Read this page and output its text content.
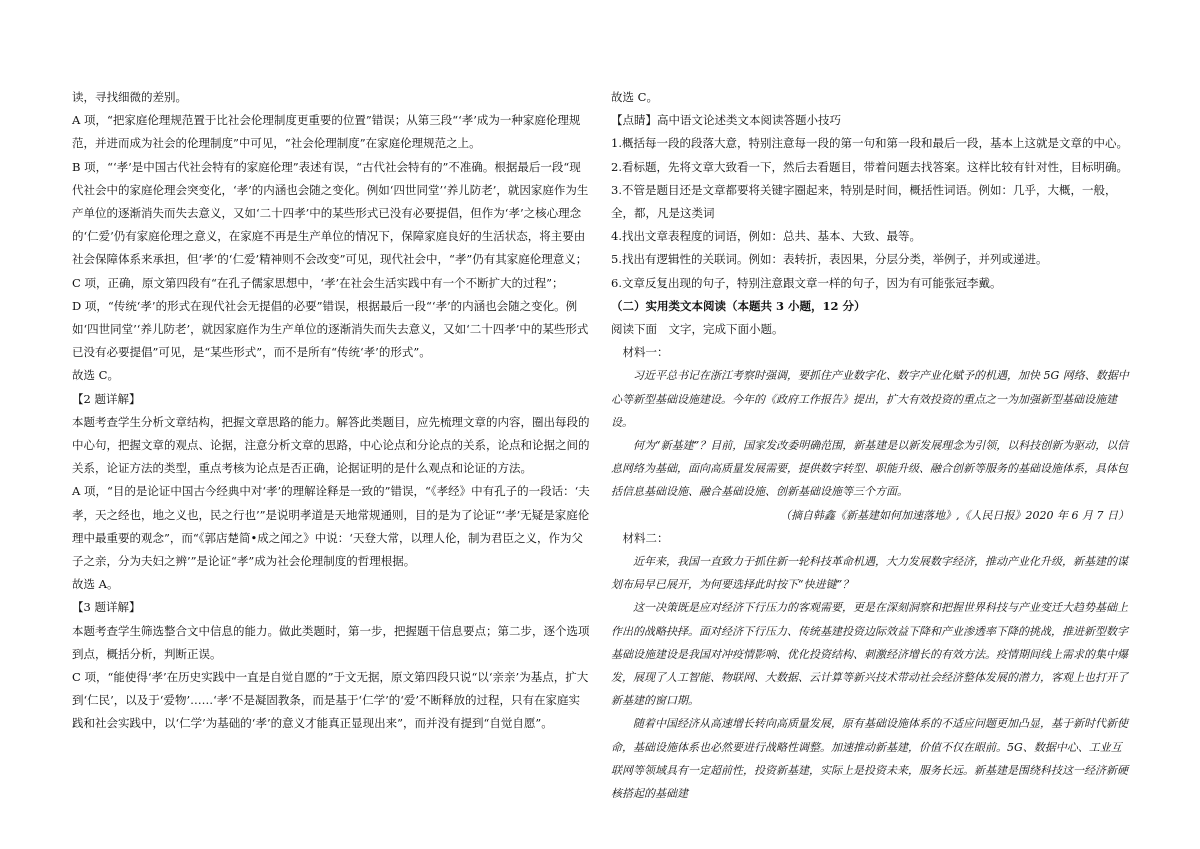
读，寻找细微的差别。

A 项，“把家庭伦理规范置于比社会伦理制度更重要的位置”错误；从第三段“‘孝’成为一种家庭伦理规范，并进而成为社会的伦理制度”中可见，“社会伦理制度”在家庭伦理规范之上。

B 项，“‘孝’是中国古代社会特有的家庭伦理”表述有误，“古代社会特有的”不准确。根据最后一段“现代社会中的家庭伦理会突变化，‘孝’的内涵也会随之变化。例如‘四世同堂’‘养儿防老’，就因家庭作为生产单位的逐渐消失而失去意义，又如‘二十四孝’中的某些形式已没有必要提倡，但作为‘孝’之核心理念的‘仁爱’仍有家庭伦理之意义，在家庭不再是生产单位的情况下，保障家庭良好的生活状态，将主要由社会保障体系来承担，但‘孝’的‘仁爱’精神则不会改变”可见，现代社会中，“孝”仍有其家庭伦理意义；

C 项，正确，原文第四段有“在孔子儒家思想中，‘孝’在社会生活实践中有一个不断扩大的过程”；

D 项，“传统‘孝’的形式在现代社会无提倡的必要”错误，根据最后一段“‘孝’的内涵也会随之变化。例如‘四世同堂’‘养儿防老’，就因家庭作为生产单位的逐渐消失而失去意义，又如‘二十四孝’中的某些形式已没有必要提倡”可见，是“某些形式”，而不是所有“传统‘孝’的形式”。

故选 C。

【2 题详解】

本题考查学生分析文章结构，把握文章思路的能力。解答此类题目，应先梳理文章的内容，圈出每段的中心句，把握文章的观点、论据，注意分析文章的思路，中心论点和分论点的关系，论点和论据之间的关系，论证方法的类型，重点考核为论点是否正确，论据证明的是什么观点和论证的方法。

A 项，“目的是论证中国古今经典中对‘孝’的理解诠释是一致的”错误，“《孝经》中有孔子的一段话：‘夫孝，天之经也，地之义也，民之行也’”是说明孝道是天地常规通则，目的是为了论证“‘孝’无疑是家庭伦理中最重要的观念”，而“《郭店楚简•成之闻之》中说：‘天登大常，以理人伦，制为君臣之义，作为父子之亲，分为夫妇之辨’”是论证“孝”成为社会伦理制度的哲理根据。

故选 A。

【3 题详解】

本题考查学生筛选整合文中信息的能力。做此类题时，第一步，把握题干信息要点；第二步，逐个选项到点，概括分析，判断正误。

C 项，“能使得‘孝’在历史实践中一直是自觉自愿的”于文无据，原文第四段只说“以‘亲亲’为基点，扩大到‘仁民’，以及于‘爱物’……‘孝’不是凝固教条，而是基于‘仁学’的‘爱’不断释放的过程，只有在家庭实践和社会实践中，以‘仁学’为基础的‘孝’的意义才能真正显现出来”，而并没有提到“自觉自愿”。

故选 C。

【点睛】高中语文论述类文本阅读答题小技巧

1.概括每一段的段落大意，特别注意每一段的第一句和第一段和最后一段，基本上这就是文章的中心。

2.看标题，先将文章大致看一下，然后去看题目，带着问题去找答案。这样比较有针对性，目标明确。

3.不管是题目还是文章都要将关键字圈起来，特别是时间，概括性词语。例如：几乎，大概，一般，全，都，凡是这类词

4.找出文章表程度的词语，例如：总共、基本、大致、最等。

5.找出有逻辑性的关联词。例如：表转折，表因果，分层分类，举例子，并列或递进。

6.文章反复出现的句子，特别注意跟文章一样的句子，因为有可能张冠李戴。

（二）实用类文本阅读（本题共 3 小题，12 分）

阅读下面　文字，完成下面小题。

材料一：

习近平总书记在浙江考察时强调，要抓住产业数字化、数字产业化赋予的机遇，加快 5G 网络、数据中心等新型基础设施建设。今年的《政府工作报告》提出，扩大有效投资的重点之一为加强新型基础设施建设。

何为“新基建”？目前，国家发改委明确范围，新基建是以新发展理念为引领，以科技创新为驱动，以信息网络为基础，面向高质量发展需要，提供数字转型、职能升级、融合创新等服务的基础设施体系，具体包括信息基础设施、融合基础设施、创新基础设施等三个方面。

（摘自韩鑫《新基建如何加速落地》,《人民日报》2020 年 6 月 7 日）

材料二：

近年来，我国一直致力于抓住新一轮科技革命机遇，大力发展数字经济，推动产业化升级，新基建的谋划布局早已展开，为何要选择此时按下“快进键”？

这一决策既是应对经济下行压力的客观需要，更是在深刻洞察和把握世界科技与产业变迁大趋势基础上作出的战略抉择。面对经济下行压力、传统基建投资边际效益下降和产业渗透率下降的挑战，推进新型数字基础设施建设是我国对冲疫情影响、优化投资结构、刺激经济增长的有效方法。疫情期间线上需求的集中爆发，展现了人工智能、物联网、大数据、云计算等新兴技术带动社会经济整体发展的潜力，客观上也打开了新基建的窗口期。

随着中国经济从高速增长转向高质量发展，原有基础设施体系的不适应问题更加凸显，基于新时代新使命，基础设施体系也必然要进行战略性调整。加速推动新基建，价值不仅在眼前。5G、数据中心、工业互联网等领域具有一定超前性，投资新基建，实际上是投资未来，服务长远。新基建是围绕科技这一经济新硬核搭起的基础建
